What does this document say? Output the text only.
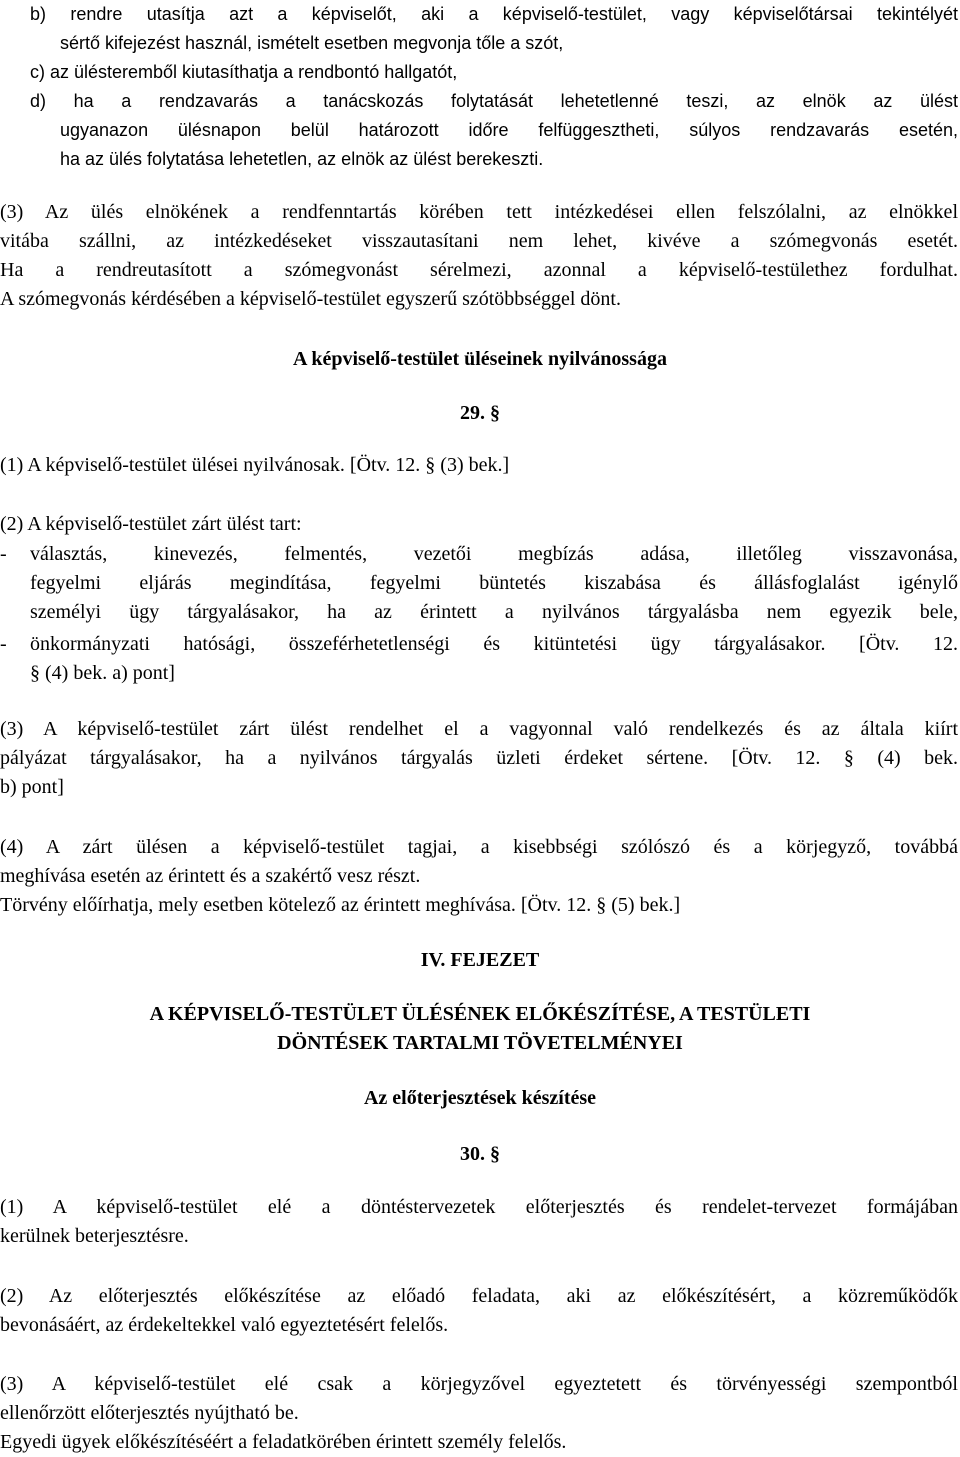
b) rendre utasítja azt a képviselőt, aki a képviselő-testület, vagy képviselőtársai tekintélyét
sértő kifejezést használ, ismételt esetben megvonja tőle a szót,
c) az ülésteremből kiutasíthatja a rendbontó hallgatót,
d) ha a rendzavarás a tanácskozás folytatását lehetetlenné teszi, az elnök az ülést
ugyanazon ülésnapon belül határozott időre felfüggesztheti, súlyos rendzavarás esetén,
ha az ülés folytatása lehetetlen, az elnök az ülést berekeszti.
(3) Az ülés elnökének a rendfenntartás körében tett intézkedései ellen felszólalni, az elnökkel
vitába szállni, az intézkedéseket visszautasítani nem lehet, kivéve a szómegvonás esetét.
Ha a rendreutasított a szómegvonást sérelmezi, azonnal a képviselő-testülethez fordulhat.
A szómegvonás kérdésében a képviselő-testület egyszerű szótöbbséggel dönt.
A képviselő-testület üléseinek nyilvánossága
29. §
(1) A képviselő-testület ülései nyilvánosak. [Ötv. 12. § (3) bek.]
(2) A képviselő-testület zárt ülést tart:
-	választás, kinevezés, felmentés, vezetői megbízás adása, illetőleg visszavonása,
fegyelmi eljárás megindítása, fegyelmi büntetés kiszabása és állásfoglalást igénylő
személyi ügy tárgyalásakor, ha az érintett a nyilvános tárgyalásba nem egyezik bele,
-	önkormányzati hatósági, összeférhetetlenségi és kitüntetési ügy tárgyalásakor. [Ötv. 12.
§ (4) bek. a) pont]
(3) A képviselő-testület zárt ülést rendelhet el a vagyonnal való rendelkezés és az általa kiírt
pályázat tárgyalásakor, ha a nyilvános tárgyalás üzleti érdeket sértene. [Ötv. 12. § (4) bek.
b) pont]
(4) A zárt ülésen a képviselő-testület tagjai, a kisebbségi szólószó és a körjegyző, továbbá
meghívása esetén az érintett és a szakértő vesz részt.
Törvény előírhatja, mely esetben kötelező az érintett meghívása. [Ötv. 12. § (5) bek.]
IV. FEJEZET
A KÉPVISELŐ-TESTÜLET ÜLÉSÉNEK ELŐKÉSZÍTÉSE, A TESTÜLETI
DÖNTÉSEK TARTALMI TÖVETELMÉNYEI
Az előterjesztések készítése
30. §
(1) A képviselő-testület elé a döntéstervezetek előterjesztés és rendelet-tervezet formájában
kerülnek beterjesztésre.
(2) Az előterjesztés előkészítése az előadó feladata, aki az előkészítésért, a közreműködők
bevonásáért, az érdekeltekkel való egyeztetésért felelős.
(3) A képviselő-testület elé csak a körjegyzővel egyeztetett és törvényességi szempontból
ellenőrzött előterjesztés nyújtható be.
Egyedi ügyek előkészítéséért a feladatkörében érintett személy felelős.
